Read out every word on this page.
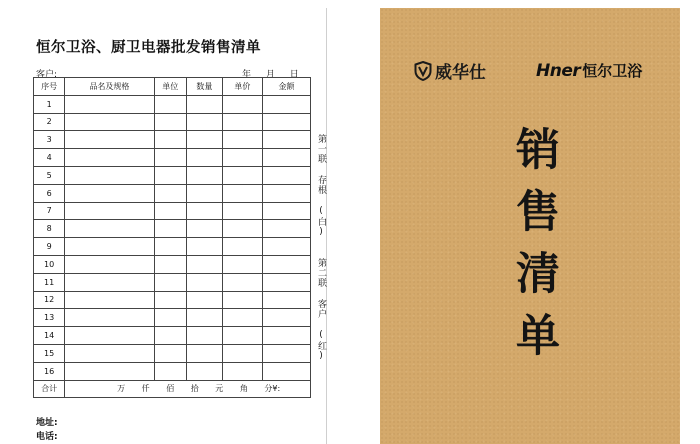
恒尔卫浴、厨卫电器批发销售清单
客户:	年 月 日
序号	品名及规格	单位	数量	单价	金额
1					
2					
3					
4					
5					
6					
7					
8					
9					
10					
11					
12					
13					
14					
15					
16					
合计	万 仟 佰 拾 元 角 分¥:				
第一联 存根 (白)
第二联 客户 (红)
地址:
电话:
威华仕	Hner 恒尔卫浴
销售清单
